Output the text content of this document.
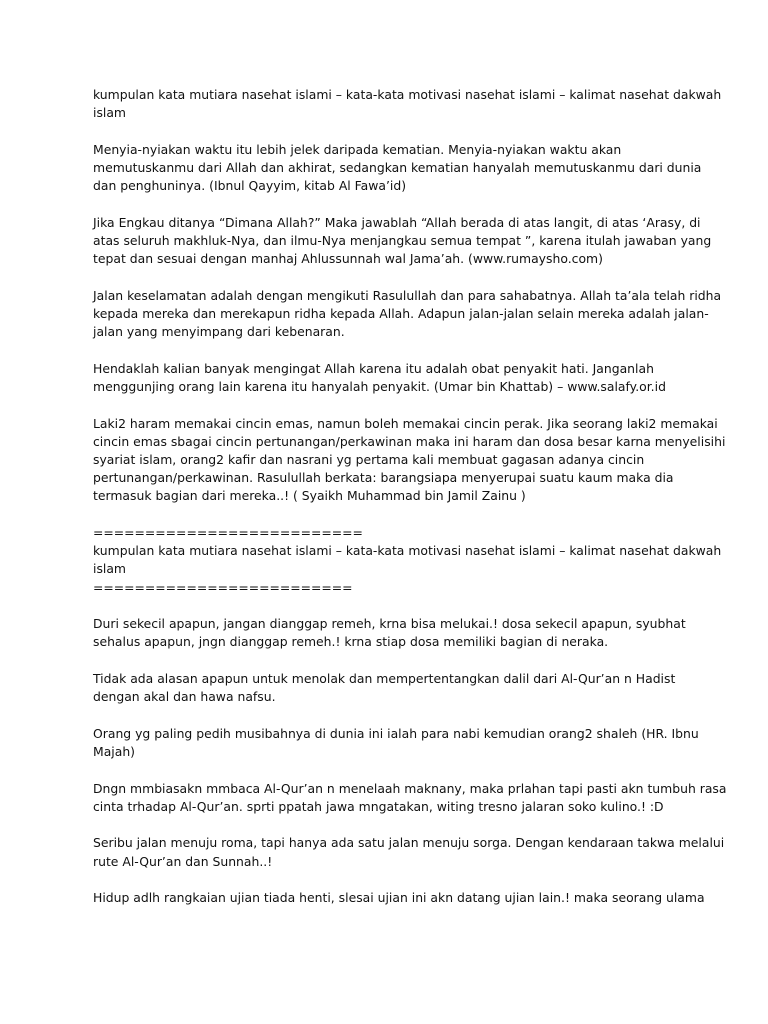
kumpulan kata mutiara nasehat islami – kata-kata motivasi nasehat islami – kalimat nasehat dakwah
islam

Menyia-nyiakan waktu itu lebih jelek daripada kematian. Menyia-nyiakan waktu akan
memutuskanmu dari Allah dan akhirat, sedangkan kematian hanyalah memutuskanmu dari dunia
dan penghuninya. (Ibnul Qayyim, kitab Al Fawa’id)

Jika Engkau ditanya “Dimana Allah?” Maka jawablah “Allah berada di atas langit, di atas ‘Arasy, di
atas seluruh makhluk-Nya, dan ilmu-Nya menjangkau semua tempat ”, karena itulah jawaban yang
tepat dan sesuai dengan manhaj Ahlussunnah wal Jama’ah. (www.rumaysho.com)

Jalan keselamatan adalah dengan mengikuti Rasulullah dan para sahabatnya. Allah ta’ala telah ridha
kepada mereka dan merekapun ridha kepada Allah. Adapun jalan-jalan selain mereka adalah jalan-
jalan yang menyimpang dari kebenaran.

Hendaklah kalian banyak mengingat Allah karena itu adalah obat penyakit hati. Janganlah
menggunjing orang lain karena itu hanyalah penyakit. (Umar bin Khattab) – www.salafy.or.id

Laki2 haram memakai cincin emas, namun boleh memakai cincin perak. Jika seorang laki2 memakai
cincin emas sbagai cincin pertunangan/perkawinan maka ini haram dan dosa besar karna menyelisihi
syariat islam, orang2 kafir dan nasrani yg pertama kali membuat gagasan adanya cincin
pertunangan/perkawinan. Rasulullah berkata: barangsiapa menyerupai suatu kaum maka dia
termasuk bagian dari mereka..! ( Syaikh Muhammad bin Jamil Zainu )

==========================
kumpulan kata mutiara nasehat islami – kata-kata motivasi nasehat islami – kalimat nasehat dakwah
islam
=========================

Duri sekecil apapun, jangan dianggap remeh, krna bisa melukai.! dosa sekecil apapun, syubhat
sehalus apapun, jngn dianggap remeh.! krna stiap dosa memiliki bagian di neraka.

Tidak ada alasan apapun untuk menolak dan mempertentangkan dalil dari Al-Qur’an n Hadist
dengan akal dan hawa nafsu.

Orang yg paling pedih musibahnya di dunia ini ialah para nabi kemudian orang2 shaleh (HR. Ibnu
Majah)

Dngn mmbiasakn mmbaca Al-Qur’an n menelaah maknany, maka prlahan tapi pasti akn tumbuh rasa
cinta trhadap Al-Qur’an. sprti ppatah jawa mngatakan, witing tresno jalaran soko kulino.! :D

Seribu jalan menuju roma, tapi hanya ada satu jalan menuju sorga. Dengan kendaraan takwa melalui
rute Al-Qur’an dan Sunnah..!

Hidup adlh rangkaian ujian tiada henti, slesai ujian ini akn datang ujian lain.! maka seorang ulama
